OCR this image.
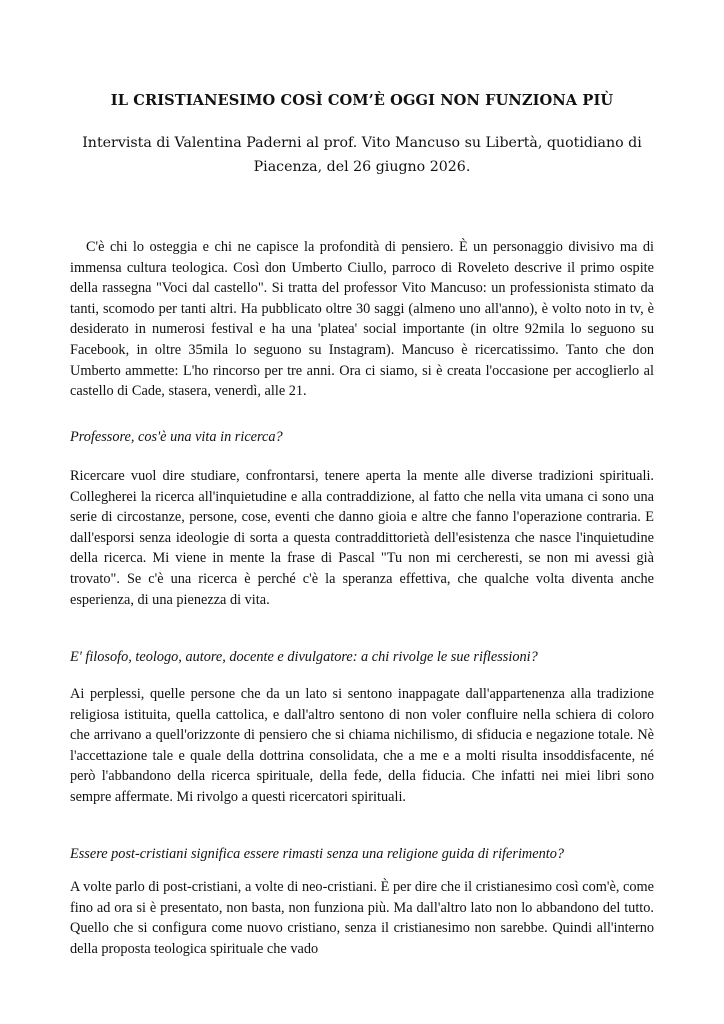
IL CRISTIANESIMO COSÌ COM’È OGGI NON FUNZIONA PIÙ
Intervista di Valentina Paderni al prof. Vito Mancuso su Libertà, quotidiano di Piacenza, del 26 giugno 2026.
C'è chi lo osteggia e chi ne capisce la profondità di pensiero. È un personaggio divisivo ma di immensa cultura teologica. Così don Umberto Ciullo, parroco di Roveleto descrive il primo ospite della rassegna "Voci dal castello". Si tratta del professor Vito Mancuso: un professionista stimato da tanti, scomodo per tanti altri. Ha pubblicato oltre 30 saggi (almeno uno all'anno), è volto noto in tv, è desiderato in numerosi festival e ha una 'platea' social importante (in oltre 92mila lo seguono su Facebook, in oltre 35mila lo seguono su Instagram). Mancuso è ricercatissimo. Tanto che don Umberto ammette: L'ho rincorso per tre anni. Ora ci siamo, si è creata l'occasione per accoglierlo al castello di Cade, stasera, venerdì, alle 21.
Professore, cos'è una vita in ricerca?
Ricercare vuol dire studiare, confrontarsi, tenere aperta la mente alle diverse tradizioni spirituali. Collegherei la ricerca all'inquietudine e alla contraddizione, al fatto che nella vita umana ci sono una serie di circostanze, persone, cose, eventi che danno gioia e altre che fanno l'operazione contraria. E dall'esporsi senza ideologie di sorta a questa contraddittorietà dell'esistenza che nasce l'inquietudine della ricerca. Mi viene in mente la frase di Pascal "Tu non mi cercheresti, se non mi avessi già trovato". Se c'è una ricerca è perché c'è la speranza effettiva, che qualche volta diventa anche esperienza, di una pienezza di vita.
E' filosofo, teologo, autore, docente e divulgatore: a chi rivolge le sue riflessioni?
Ai perplessi, quelle persone che da un lato si sentono inappagate dall'appartenenza alla tradizione religiosa istituita, quella cattolica, e dall'altro sentono di non voler confluire nella schiera di coloro che arrivano a quell'orizzonte di pensiero che si chiama nichilismo, di sfiducia e negazione totale. Nè l'accettazione tale e quale della dottrina consolidata, che a me e a molti risulta insoddisfacente, né però l'abbandono della ricerca spirituale, della fede, della fiducia. Che infatti nei miei libri sono sempre affermate. Mi rivolgo a questi ricercatori spirituali.
Essere post-cristiani significa essere rimasti senza una religione guida di riferimento?
A volte parlo di post-cristiani, a volte di neo-cristiani. È per dire che il cristianesimo così com'è, come fino ad ora si è presentato, non basta, non funziona più. Ma dall'altro lato non lo abbandono del tutto. Quello che si configura come nuovo cristiano, senza il cristianesimo non sarebbe. Quindi all'interno della proposta teologica spirituale che vado
